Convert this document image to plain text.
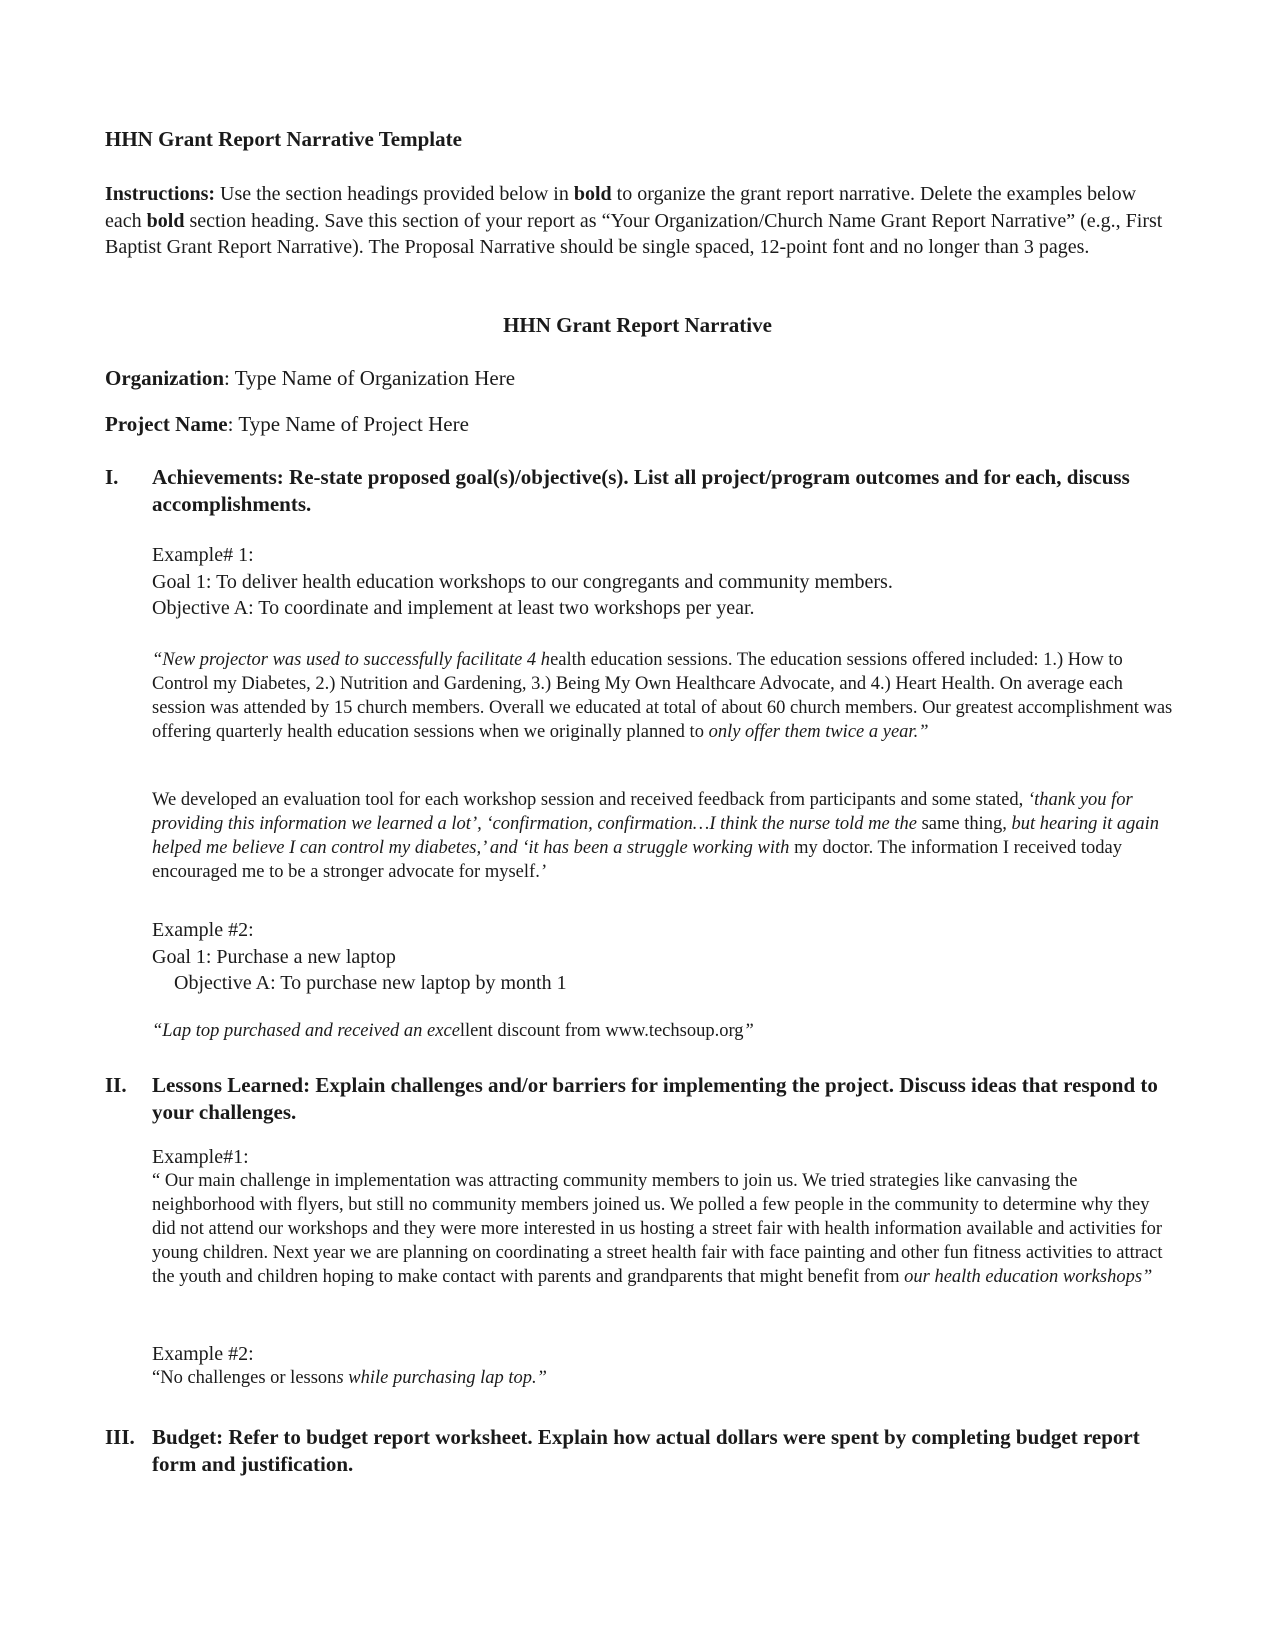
HHN Grant Report Narrative Template
Instructions: Use the section headings provided below in bold to organize the grant report narrative. Delete the examples below each bold section heading. Save this section of your report as “Your Organization/Church Name Grant Report Narrative” (e.g., First Baptist Grant Report Narrative). The Proposal Narrative should be single spaced, 12-point font and no longer than 3 pages.
HHN Grant Report Narrative
Organization: Type Name of Organization Here
Project Name: Type Name of Project Here
I. Achievements: Re-state proposed goal(s)/objective(s). List all project/program outcomes and for each, discuss accomplishments.

Example# 1:

Goal 1: To deliver health education workshops to our congregants and community members.

Objective A: To coordinate and implement at least two workshops per year.

“New projector was used to successfully facilitate 4 health education sessions. The education sessions offered included: 1.) How to Control my Diabetes, 2.) Nutrition and Gardening, 3.) Being My Own Healthcare Advocate, and 4.) Heart Health. On average each session was attended by 15 church members. Overall we educated at total of about 60 church members. Our greatest accomplishment was offering quarterly health education sessions when we originally planned to only offer them twice a year.”
We developed an evaluation tool for each workshop session and received feedback from participants and some stated, ‘thank you for providing this information we learned a lot’, ‘confirmation, confirmation…I think the nurse told me the same thing, but hearing it again helped me believe I can control my diabetes,’ and ‘it has been a struggle working with my doctor. The information I received today encouraged me to be a stronger advocate for myself.’

Example #2:

Goal 1: Purchase a new laptop

Objective A: To purchase new laptop by month 1

“Lap top purchased and received an excellent discount from www.techsoup.org”
II. Lessons Learned: Explain challenges and/or barriers for implementing the project. Discuss ideas that respond to your challenges.

Example#1:

“ Our main challenge in implementation was attracting community members to join us. We tried strategies like canvasing the neighborhood with flyers, but still no community members joined us. We polled a few people in the community to determine why they did not attend our workshops and they were more interested in us hosting a street fair with health information available and activities for young children. Next year we are planning on coordinating a street health fair with face painting and other fun fitness activities to attract the youth and children hoping to make contact with parents and grandparents that might benefit from our health education workshops”

Example #2:

“No challenges or lessons while purchasing lap top.”

III. Budget: Refer to budget report worksheet. Explain how actual dollars were spent by completing budget report form and justification.
